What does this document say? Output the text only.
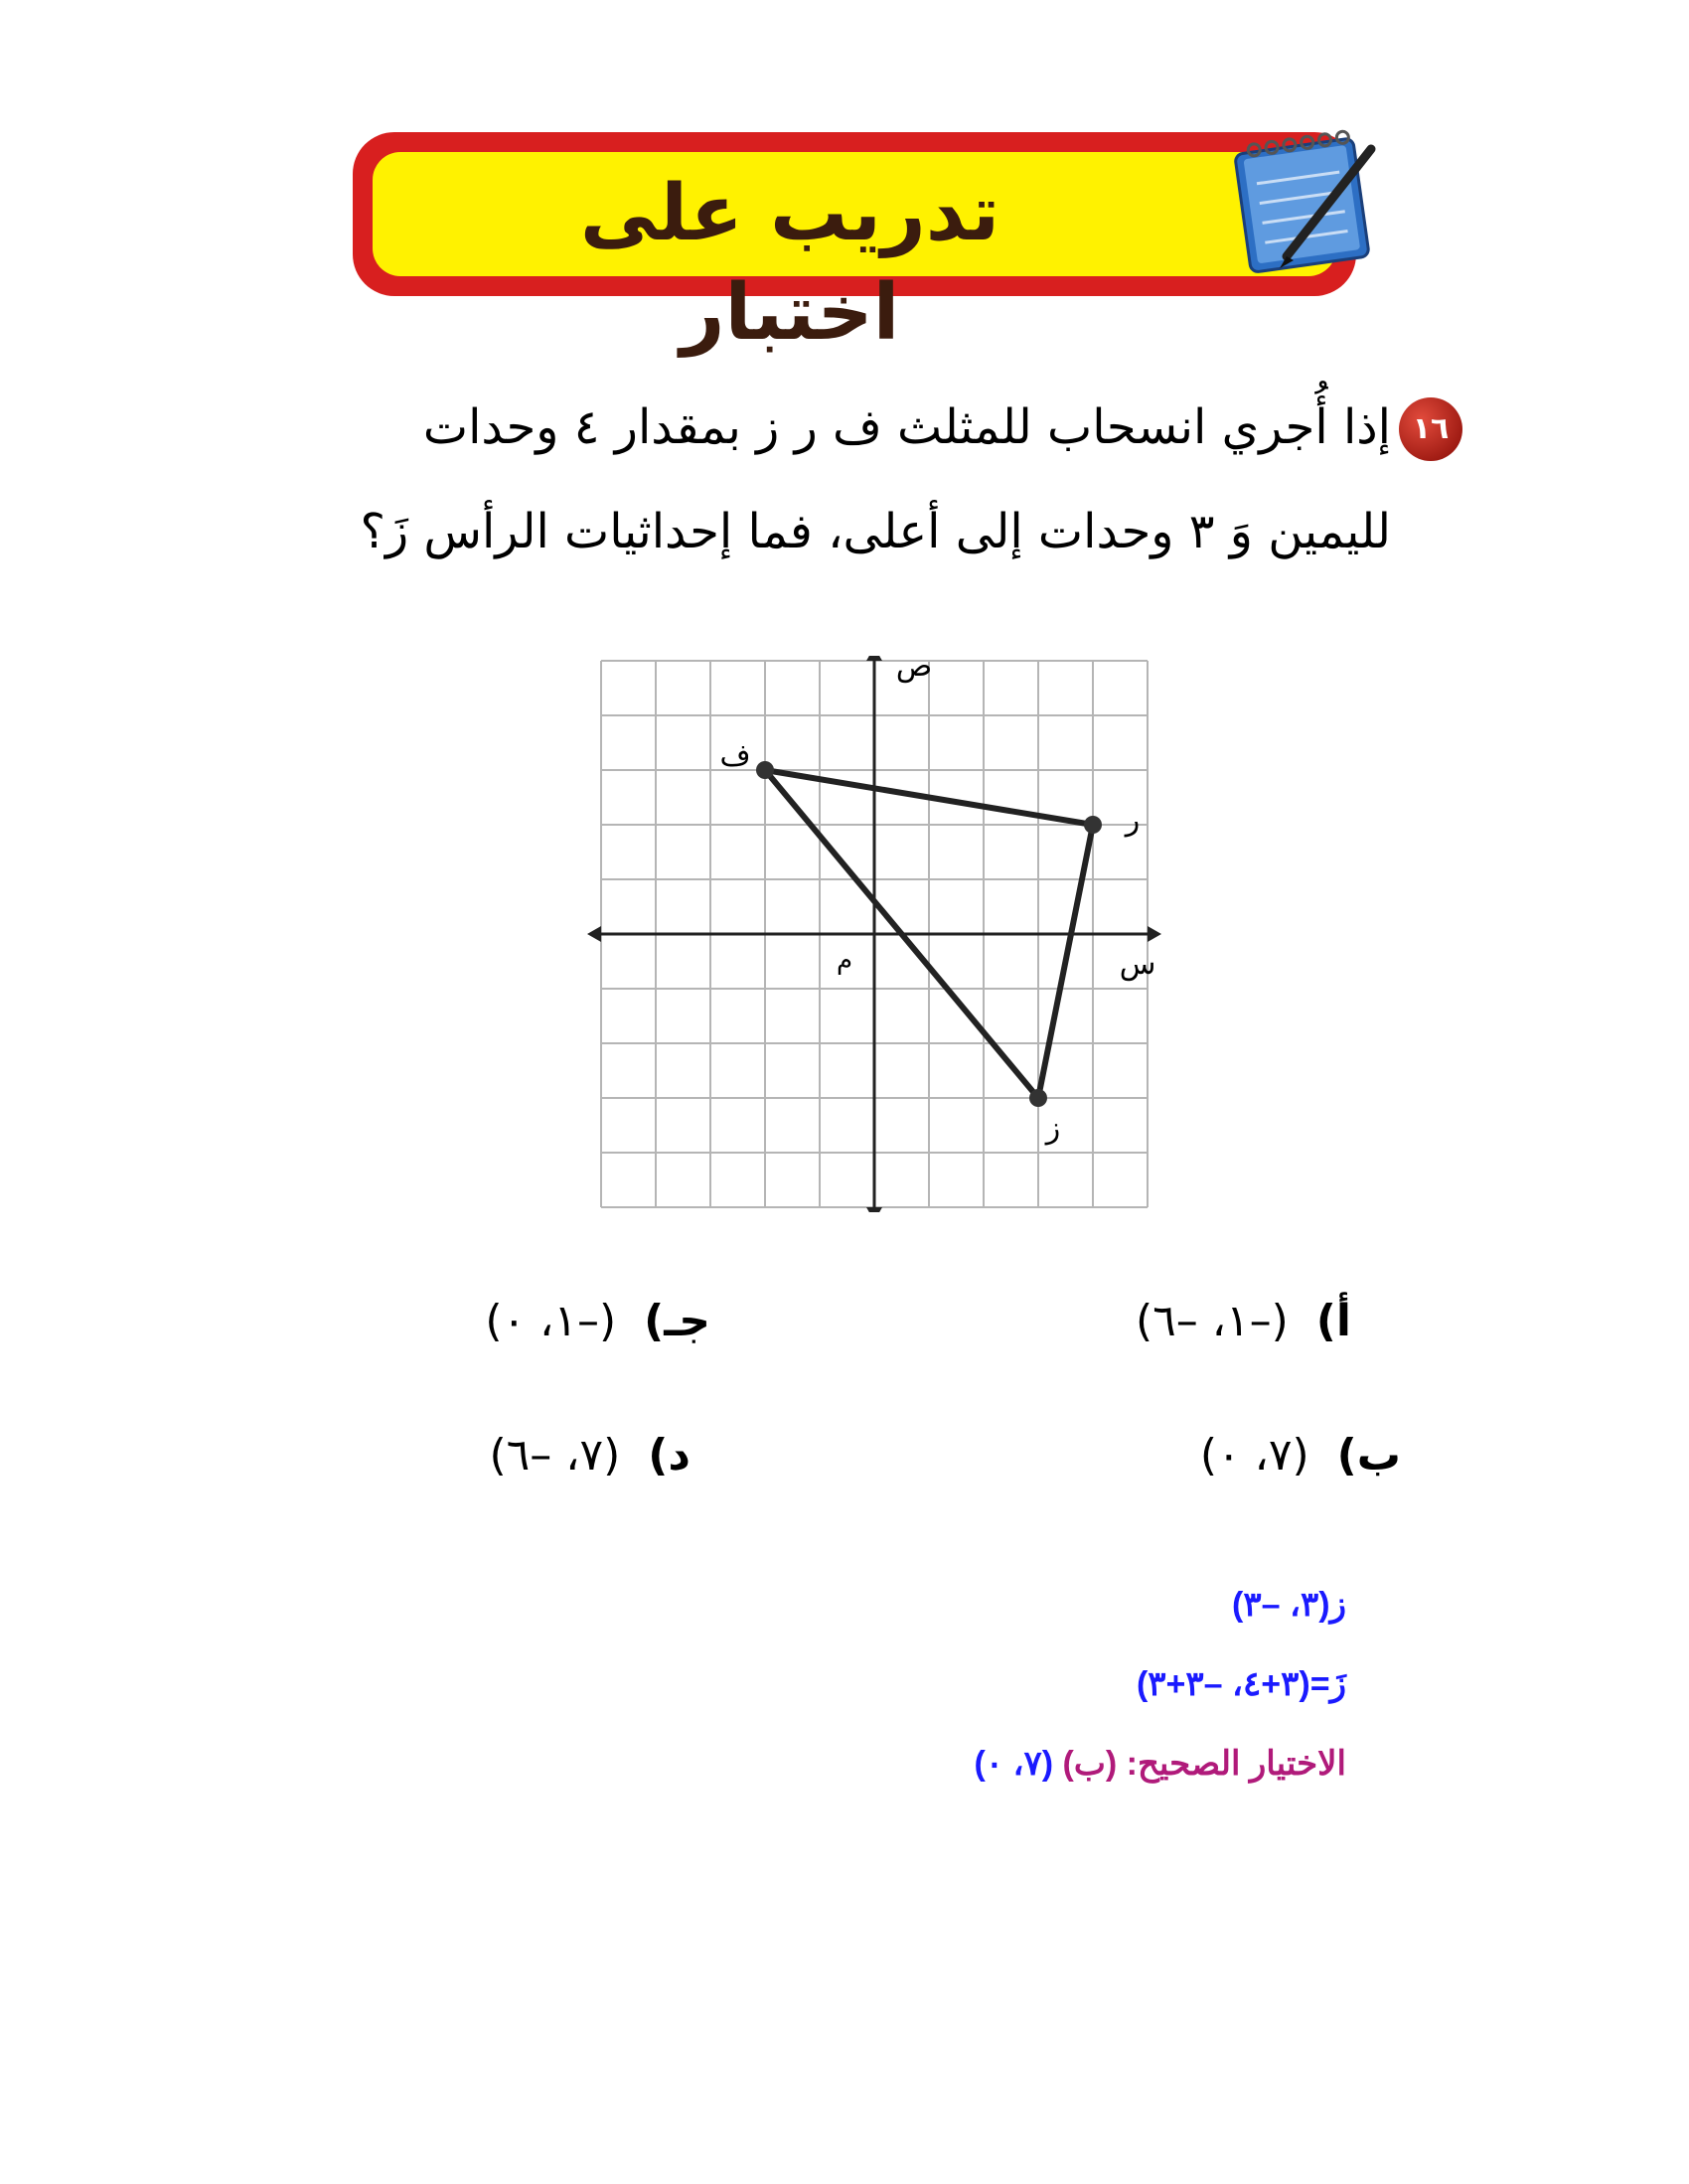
تدريب على اختبار
١٦
إذا أُجري انسحاب للمثلث ف ر ز بمقدار ٤ وحدات
لليمين وَ ٣ وحدات إلى أعلى، فما إحداثيات الرأس زَ؟
س
ص
م
ف
ر
ز
أ)(–١، –٦)
ب)(٧، ٠)
جـ)(–١، ٠)
د)(٧، –٦)
ز(٣، –٣)
زَ=(٣+٤، –٣+٣)
الاختيار الصحيح: (ب) (٧، ٠)
